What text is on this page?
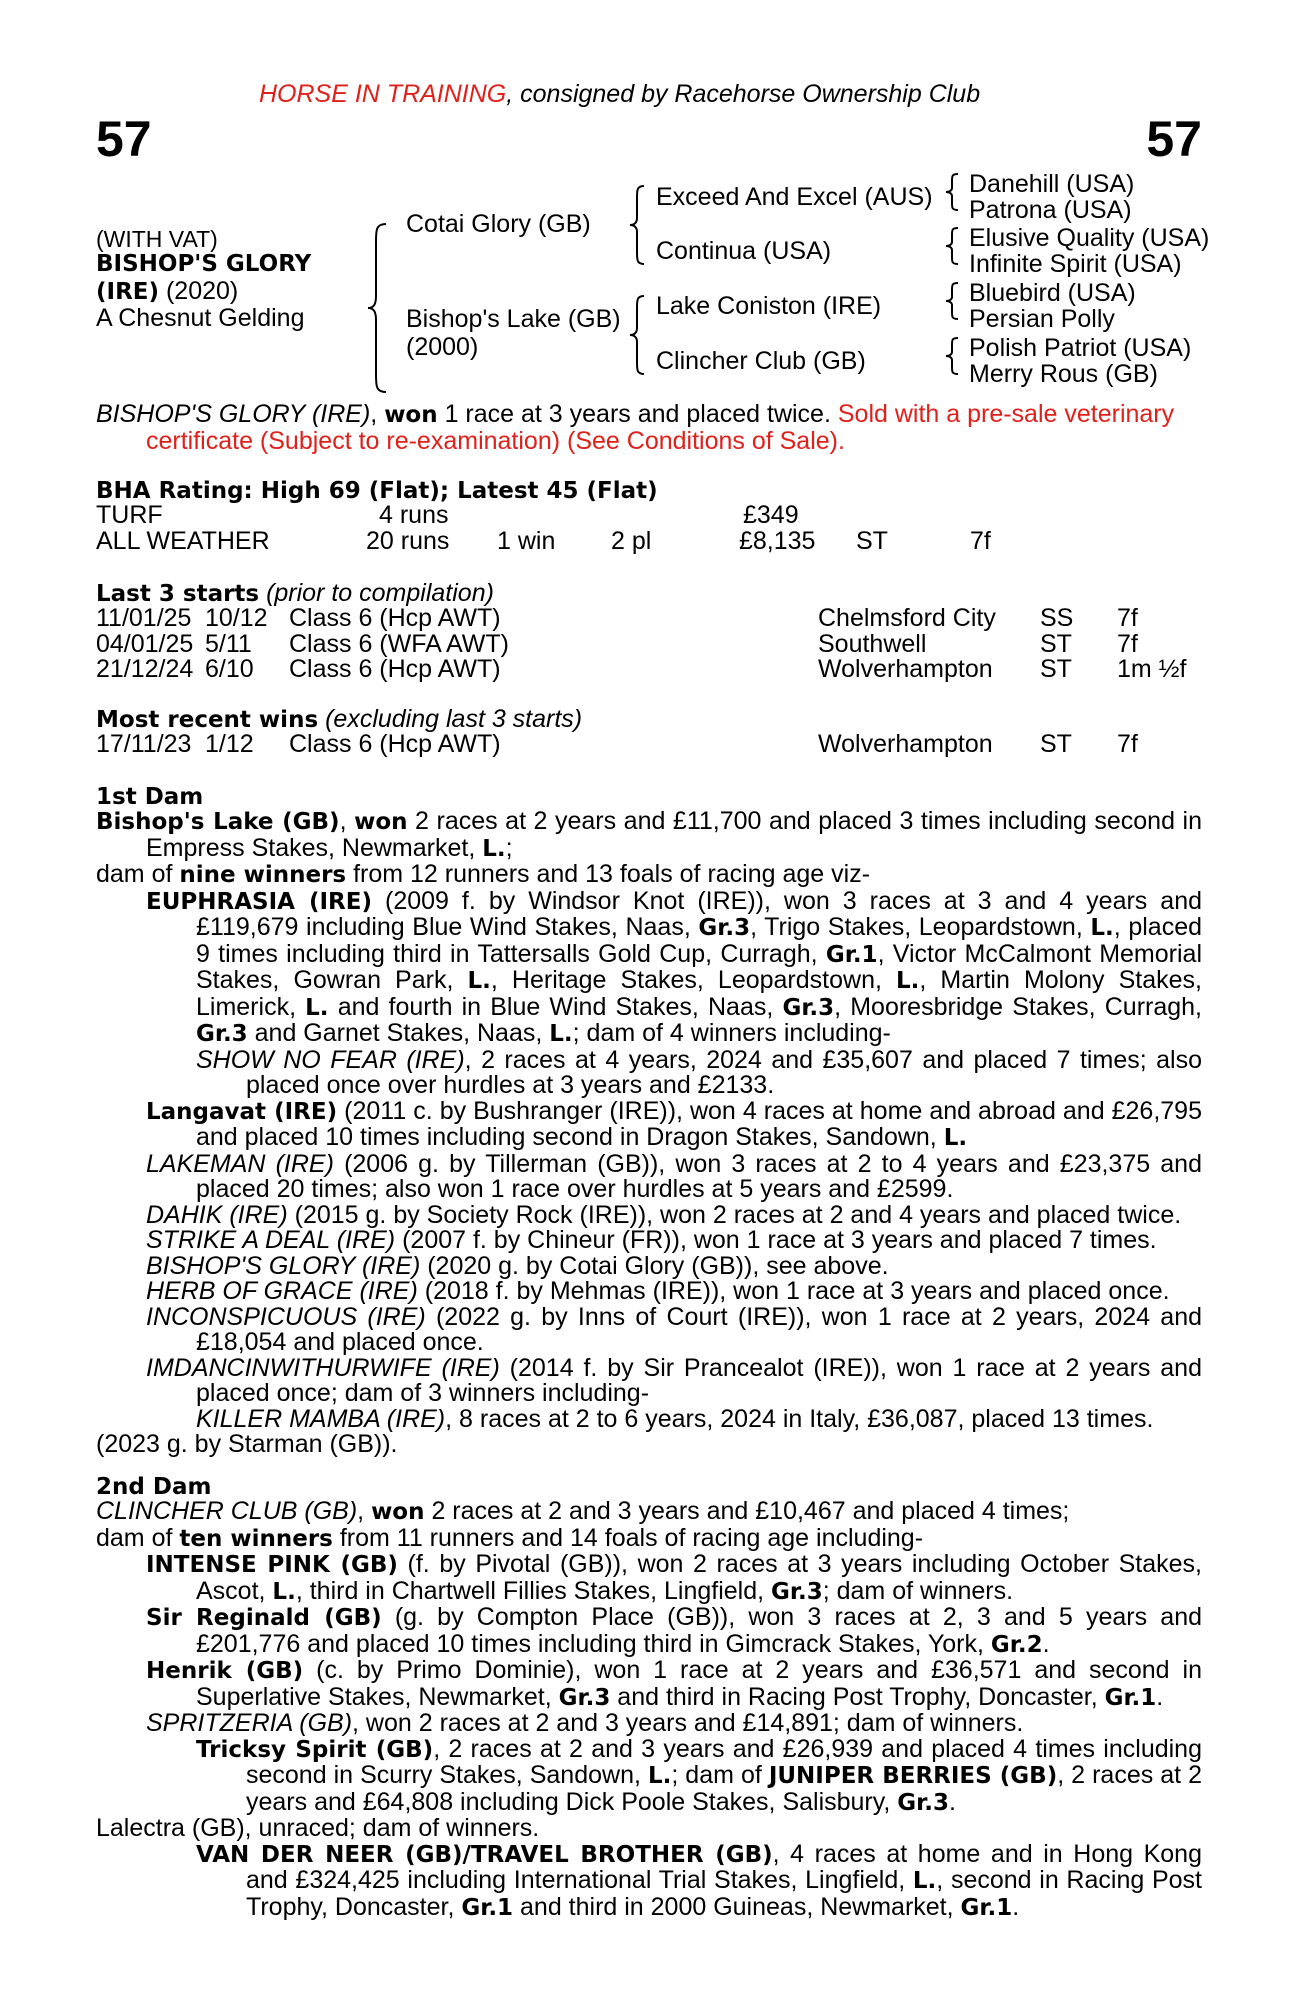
HORSE IN TRAINING, consigned by Racehorse Ownership Club
57	57
(WITH VAT)
BISHOP'S GLORY
(IRE) (2020)
A Chesnut Gelding
Cotai Glory (GB)
Bishop's Lake (GB)
(2000)
Exceed And Excel (AUS)
Continua (USA)
Lake Coniston (IRE)
Clincher Club (GB)
Danehill (USA)
Patrona (USA)
Elusive Quality (USA)
Infinite Spirit (USA)
Bluebird (USA)
Persian Polly
Polish Patriot (USA)
Merry Rous (GB)
BISHOP'S GLORY (IRE), won 1 race at 3 years and placed twice. Sold with a pre-sale veterinary certificate (Subject to re-examination) (See Conditions of Sale).
BHA Rating: High 69 (Flat); Latest 45 (Flat)
TURF	4 runs	£349
ALL WEATHER	20 runs 1 win 2 pl	£8,135 ST	7f
Last 3 starts (prior to compilation)
11/01/25 10/12 Class 6 (Hcp AWT)	Chelmsford City SS 7f
04/01/25 5/11 Class 6 (WFA AWT)	Southwell	ST 7f
21/12/24 6/10 Class 6 (Hcp AWT)	Wolverhampton ST 1m ½f
Most recent wins (excluding last 3 starts)
17/11/23 1/12 Class 6 (Hcp AWT)	Wolverhampton ST 7f
1st Dam
Bishop's Lake (GB), won 2 races at 2 years and £11,700 and placed 3 times including second in Empress Stakes, Newmarket, L.;
dam of nine winners from 12 runners and 13 foals of racing age viz-
EUPHRASIA (IRE) (2009 f. by Windsor Knot (IRE)), won 3 races at 3 and 4 years and £119,679 including Blue Wind Stakes, Naas, Gr.3, Trigo Stakes, Leopardstown, L., placed 9 times including third in Tattersalls Gold Cup, Curragh, Gr.1, Victor McCalmont Memorial Stakes, Gowran Park, L., Heritage Stakes, Leopardstown, L., Martin Molony Stakes, Limerick, L. and fourth in Blue Wind Stakes, Naas, Gr.3, Mooresbridge Stakes, Curragh, Gr.3 and Garnet Stakes, Naas, L.; dam of 4 winners including-
SHOW NO FEAR (IRE), 2 races at 4 years, 2024 and £35,607 and placed 7 times; also placed once over hurdles at 3 years and £2133.
Langavat (IRE) (2011 c. by Bushranger (IRE)), won 4 races at home and abroad and £26,795 and placed 10 times including second in Dragon Stakes, Sandown, L.
LAKEMAN (IRE) (2006 g. by Tillerman (GB)), won 3 races at 2 to 4 years and £23,375 and placed 20 times; also won 1 race over hurdles at 5 years and £2599.
DAHIK (IRE) (2015 g. by Society Rock (IRE)), won 2 races at 2 and 4 years and placed twice.
STRIKE A DEAL (IRE) (2007 f. by Chineur (FR)), won 1 race at 3 years and placed 7 times.
BISHOP'S GLORY (IRE) (2020 g. by Cotai Glory (GB)), see above.
HERB OF GRACE (IRE) (2018 f. by Mehmas (IRE)), won 1 race at 3 years and placed once.
INCONSPICUOUS (IRE) (2022 g. by Inns of Court (IRE)), won 1 race at 2 years, 2024 and £18,054 and placed once.
IMDANCINWITHURWIFE (IRE) (2014 f. by Sir Prancealot (IRE)), won 1 race at 2 years and placed once; dam of 3 winners including-
KILLER MAMBA (IRE), 8 races at 2 to 6 years, 2024 in Italy, £36,087, placed 13 times.
(2023 g. by Starman (GB)).
2nd Dam
CLINCHER CLUB (GB), won 2 races at 2 and 3 years and £10,467 and placed 4 times;
dam of ten winners from 11 runners and 14 foals of racing age including-
INTENSE PINK (GB) (f. by Pivotal (GB)), won 2 races at 3 years including October Stakes, Ascot, L., third in Chartwell Fillies Stakes, Lingfield, Gr.3; dam of winners.
Sir Reginald (GB) (g. by Compton Place (GB)), won 3 races at 2, 3 and 5 years and £201,776 and placed 10 times including third in Gimcrack Stakes, York, Gr.2.
Henrik (GB) (c. by Primo Dominie), won 1 race at 2 years and £36,571 and second in Superlative Stakes, Newmarket, Gr.3 and third in Racing Post Trophy, Doncaster, Gr.1.
SPRITZERIA (GB), won 2 races at 2 and 3 years and £14,891; dam of winners.
Tricksy Spirit (GB), 2 races at 2 and 3 years and £26,939 and placed 4 times including second in Scurry Stakes, Sandown, L.; dam of JUNIPER BERRIES (GB), 2 races at 2 years and £64,808 including Dick Poole Stakes, Salisbury, Gr.3.
Lalectra (GB), unraced; dam of winners.
VAN DER NEER (GB)/TRAVEL BROTHER (GB), 4 races at home and in Hong Kong and £324,425 including International Trial Stakes, Lingfield, L., second in Racing Post Trophy, Doncaster, Gr.1 and third in 2000 Guineas, Newmarket, Gr.1.
